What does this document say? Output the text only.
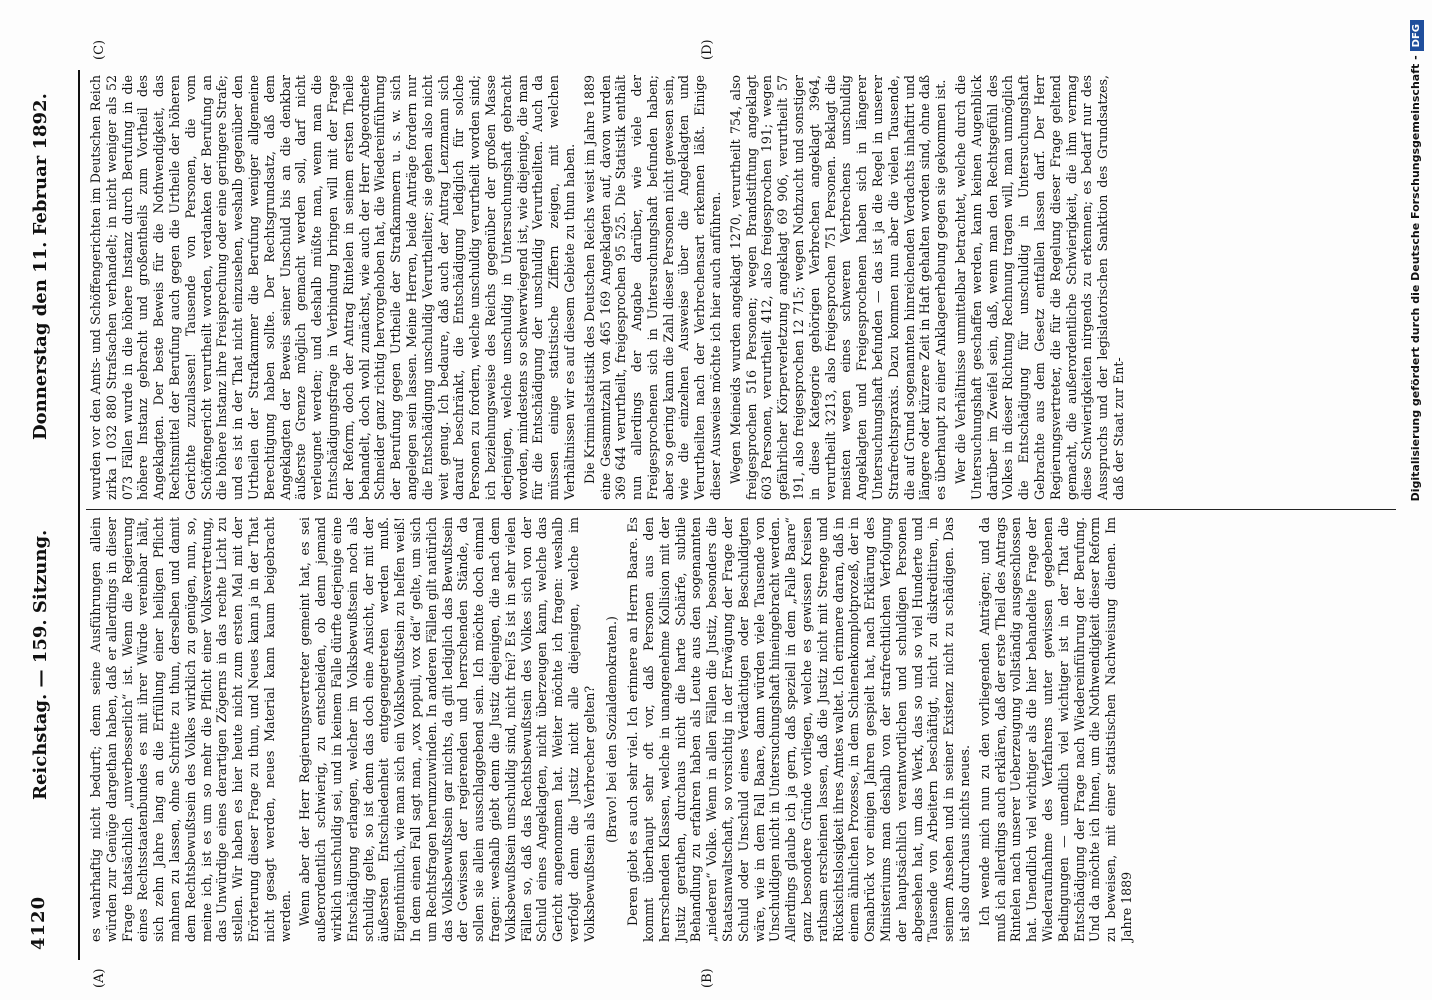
4120
Reichstag. — 159. Sitzung.
Donnerstag den 11. Februar 1892.
(A)	(B)
(C)	(D)

es wahrhaftig nicht bedurft; denn seine Ausführungen allein würden zur Genüge dargethan haben, daß er allerdings in dieser Frage thatsächlich „unverbesserlich“ ist. Wenn die Regierung eines Rechtsstaatenbundes es mit ihrer Würde vereinbar hält, sich zehn Jahre lang an die Erfüllung einer heiligen Pflicht mahnen zu lassen, ohne Schritte zu thun, derselben und damit dem Rechtsbewußtsein des Volkes wirklich zu genügen, nun, so, meine ich, ist es um so mehr die Pflicht einer Volksvertretung, das Unwürdige eines derartigen Zögerns in das rechte Licht zu stellen. Wir haben es hier heute nicht zum ersten Mal mit der Erörterung dieser Frage zu thun, und Neues kann ja in der That nicht gesagt werden, neues Material kann kaum beigebracht werden. Wenn aber der Herr Regierungsvertreter gemeint hat, es sei außerordentlich schwierig, zu entscheiden, ob denn jemand wirklich unschuldig sei, und in keinem Falle dürfte derjenige eine Entschädigung erlangen, welcher im Volksbewußtsein noch als schuldig gelte, so ist denn das doch eine Ansicht, der mit der äußersten Entschiedenheit entgegengetreten werden muß. Eigenthümlich, wie man sich ein Volksbewußtsein zu helfen weiß! In dem einen Fall sagt man, „vox populi, vox dei“ gelte, um sich um Rechtsfragen herumzuwinden. In anderen Fällen gilt natürlich das Volksbewußtsein gar nichts, da gilt lediglich das Bewußtsein der Gewissen der regierenden und herrschenden Stände, da sollen sie allein ausschlaggebend sein. Ich möchte doch einmal fragen: weshalb giebt denn die Justiz diejenigen, die nach dem Volksbewußtsein unschuldig sind, nicht frei? Es ist in sehr vielen Fällen so, daß das Rechtsbewußtsein des Volkes sich von der Schuld eines Angeklagten, nicht überzeugen kann, welche das Gericht angenommen hat. Weiter möchte ich fragen: weshalb verfolgt denn die Justiz nicht alle diejenigen, welche im Volksbewußtsein als Verbrecher gelten? (Bravo! bei den Sozialdemokraten.) Deren giebt es auch sehr viel. Ich erinnere an Herrn Baare. Es kommt überhaupt sehr oft vor, daß Personen aus den herrschenden Klassen, welche in unangenehme Kollision mit der Justiz gerathen, durchaus nicht die harte Schärfe, subtile Behandlung zu erfahren haben als Leute aus den sogenannten „niederen“ Volke. Wenn in allen Fällen die Justiz, besonders die Staatsanwaltschaft, so vorsichtig in der Erwägung der Frage der Schuld oder Unschuld eines Verdächtigen oder Beschuldigten wäre, wie in dem Fall Baare, dann würden viele Tausende von Unschuldigen nicht in Untersuchungshaft hineingebracht werden. Allerdings glaube ich ja gern, daß speziell in dem „Falle Baare“ ganz besondere Gründe vorliegen, welche es gewissen Kreisen rathsam erscheinen lassen, daß die Justiz nicht mit Strenge und Rücksichtslosigkeit ihres Amtes waltet. Ich erinnere daran, daß in einem ähnlichen Prozesse, in dem Schienenkomplotprozeß, der in Osnabrück vor einigen Jahren gespielt hat, nach Erklärung des Ministeriums man deshalb von der strafrechtlichen Verfolgung der hauptsächlich verantwortlichen und schuldigen Personen abgesehen hat, um das Werk, das so und so viel Hunderte und Tausende von Arbeitern beschäftigt, nicht zu diskreditiren, in seinem Ansehen und in seiner Existenz nicht zu schädigen. Das ist also durchaus nichts neues. Ich wende mich nun zu den vorliegenden Anträgen; und da muß ich allerdings auch erklären, daß der erste Theil des Antrags Rintelen nach unserer Ueberzeugung vollständig ausgeschlossen hat. Unendlich viel wichtiger als die hier behandelte Frage der Wiederaufnahme des Verfahrens unter gewissen gegebenen Bedingungen — unendlich viel wichtiger ist in der That die Entschädigung der Frage nach Wiedereinführung der Berufung. Und da möchte ich Ihnen, um die Nothwendigkeit dieser Reform zu beweisen, mit einer statistischen Nachweisung dienen. Im Jahre 1889

wurden vor den Amts- und Schöffengerichten im Deutschen Reich zirka 1 032 880 Strafsachen verhandelt; in nicht weniger als 52 073 Fällen wurde in die höhere Instanz durch Berufung in die höhere Instanz gebracht und großentheils zum Vortheil des Angeklagten. Der beste Beweis für die Nothwendigkeit, das Rechtsmittel der Berufung auch gegen die Urtheile der höheren Gerichte zuzulassen! Tausende von Personen, die vom Schöffengericht verurtheilt worden, verdanken der Berufung an die höhere Instanz ihre Freisprechung oder eine geringere Strafe; und es ist in der That nicht einzusehen, weshalb gegenüber den Urtheilen der Strafkammer die Berufung weniger allgemeine Berechtigung haben sollte. Der Rechtsgrundsatz, daß dem Angeklagten der Beweis seiner Unschuld bis an die denkbar äußerste Grenze möglich gemacht werden soll, darf nicht verleugnet werden; und deshalb müßte man, wenn man die Entschädigungsfrage in Verbindung bringen will mit der Frage der Reform, doch der Antrag Rintelen in seinem ersten Theile behandelt, doch wohl zunächst, wie auch der Herr Abgeordnete Schneider ganz richtig hervorgehoben hat, die Wiedereinführung der Berufung gegen Urtheile der Strafkammern u. s. w. sich angelegen sein lassen. Meine Herren, beide Anträge fordern nur die Entschädigung unschuldig Verurtheilter; sie gehen also nicht weit genug. Ich bedaure, daß auch der Antrag Lenzmann sich darauf beschränkt, die Entschädigung lediglich für solche Personen zu fordern, welche unschuldig verurtheilt worden sind; ich beziehungsweise des Reichs gegenüber der großen Masse derjenigen, welche unschuldig in Untersuchungshaft gebracht worden, mindestens so schwerwiegend ist, wie diejenige, die man für die Entschädigung der unschuldig Verurtheilten. Auch da müssen einige statistische Ziffern zeigen, mit welchen Verhältnissen wir es auf diesem Gebiete zu thun haben. Die Kriminalstatistik des Deutschen Reichs weist im Jahre 1889 eine Gesammtzahl von 465 169 Angeklagten auf, davon wurden 369 644 verurtheilt, freigesprochen 95 525. Die Statistik enthält nun allerdings der Angabe darüber, wie viele der Freigesprochenen sich in Untersuchungshaft befunden haben; aber so gering kann die Zahl dieser Personen nicht gewesen sein, wie die einzelnen Ausweise über die Angeklagten und Verurtheilten nach der Verbrechensart erkennen läßt. Einige dieser Ausweise möchte ich hier auch anführen. Wegen Meineids wurden angeklagt 1270, verurtheilt 754, also freigesprochen 516 Personen; wegen Brandstiftung angeklagt 603 Personen, verurtheilt 412, also freigesprochen 191; wegen gefährlicher Körperverletzung angeklagt 69 906, verurtheilt 57 191, also freigesprochen 12 715; wegen Nothzucht und sonstiger in diese Kategorie gehörigen Verbrechen angeklagt 3964, verurtheilt 3213, also freigesprochen 751 Personen. Beklagt die meisten wegen eines schweren Verbrechens unschuldig Angeklagten und Freigesprochenen haben sich in längerer Untersuchungshaft befunden — das ist ja die Regel in unserer Strafrechtspraxis. Dazu kommen nun aber die vielen Tausende, die auf Grund sogenannten hinreichenden Verdachts inhaftirt und längere oder kürzere Zeit in Haft gehalten worden sind, ohne daß es überhaupt zu einer Anklageerhebung gegen sie gekommen ist. Wer die Verhältnisse unmittelbar betrachtet, welche durch die Untersuchungshaft geschaffen werden, kann keinen Augenblick darüber im Zweifel sein, daß, wenn man den Rechtsgefühl des Volkes in dieser Richtung Rechnung tragen will, man unmöglich die Entschädigung für unschuldig in Untersuchungshaft Gebrachte aus dem Gesetz entfallen lassen darf. Der Herr Regierungsvertreter, die für die Regelung dieser Frage geltend gemacht, die außerordentliche Schwierigkeit, die ihm vermag diese Schwierigkeiten nirgends zu erkennen; es bedarf nur des Ausspruchs und der legislatorischen Sanktion des Grundsatzes, daß der Staat zur Ent-	Digitalisierung gefördert durch die Deutsche Forschungsgemeinschaft -DFG
